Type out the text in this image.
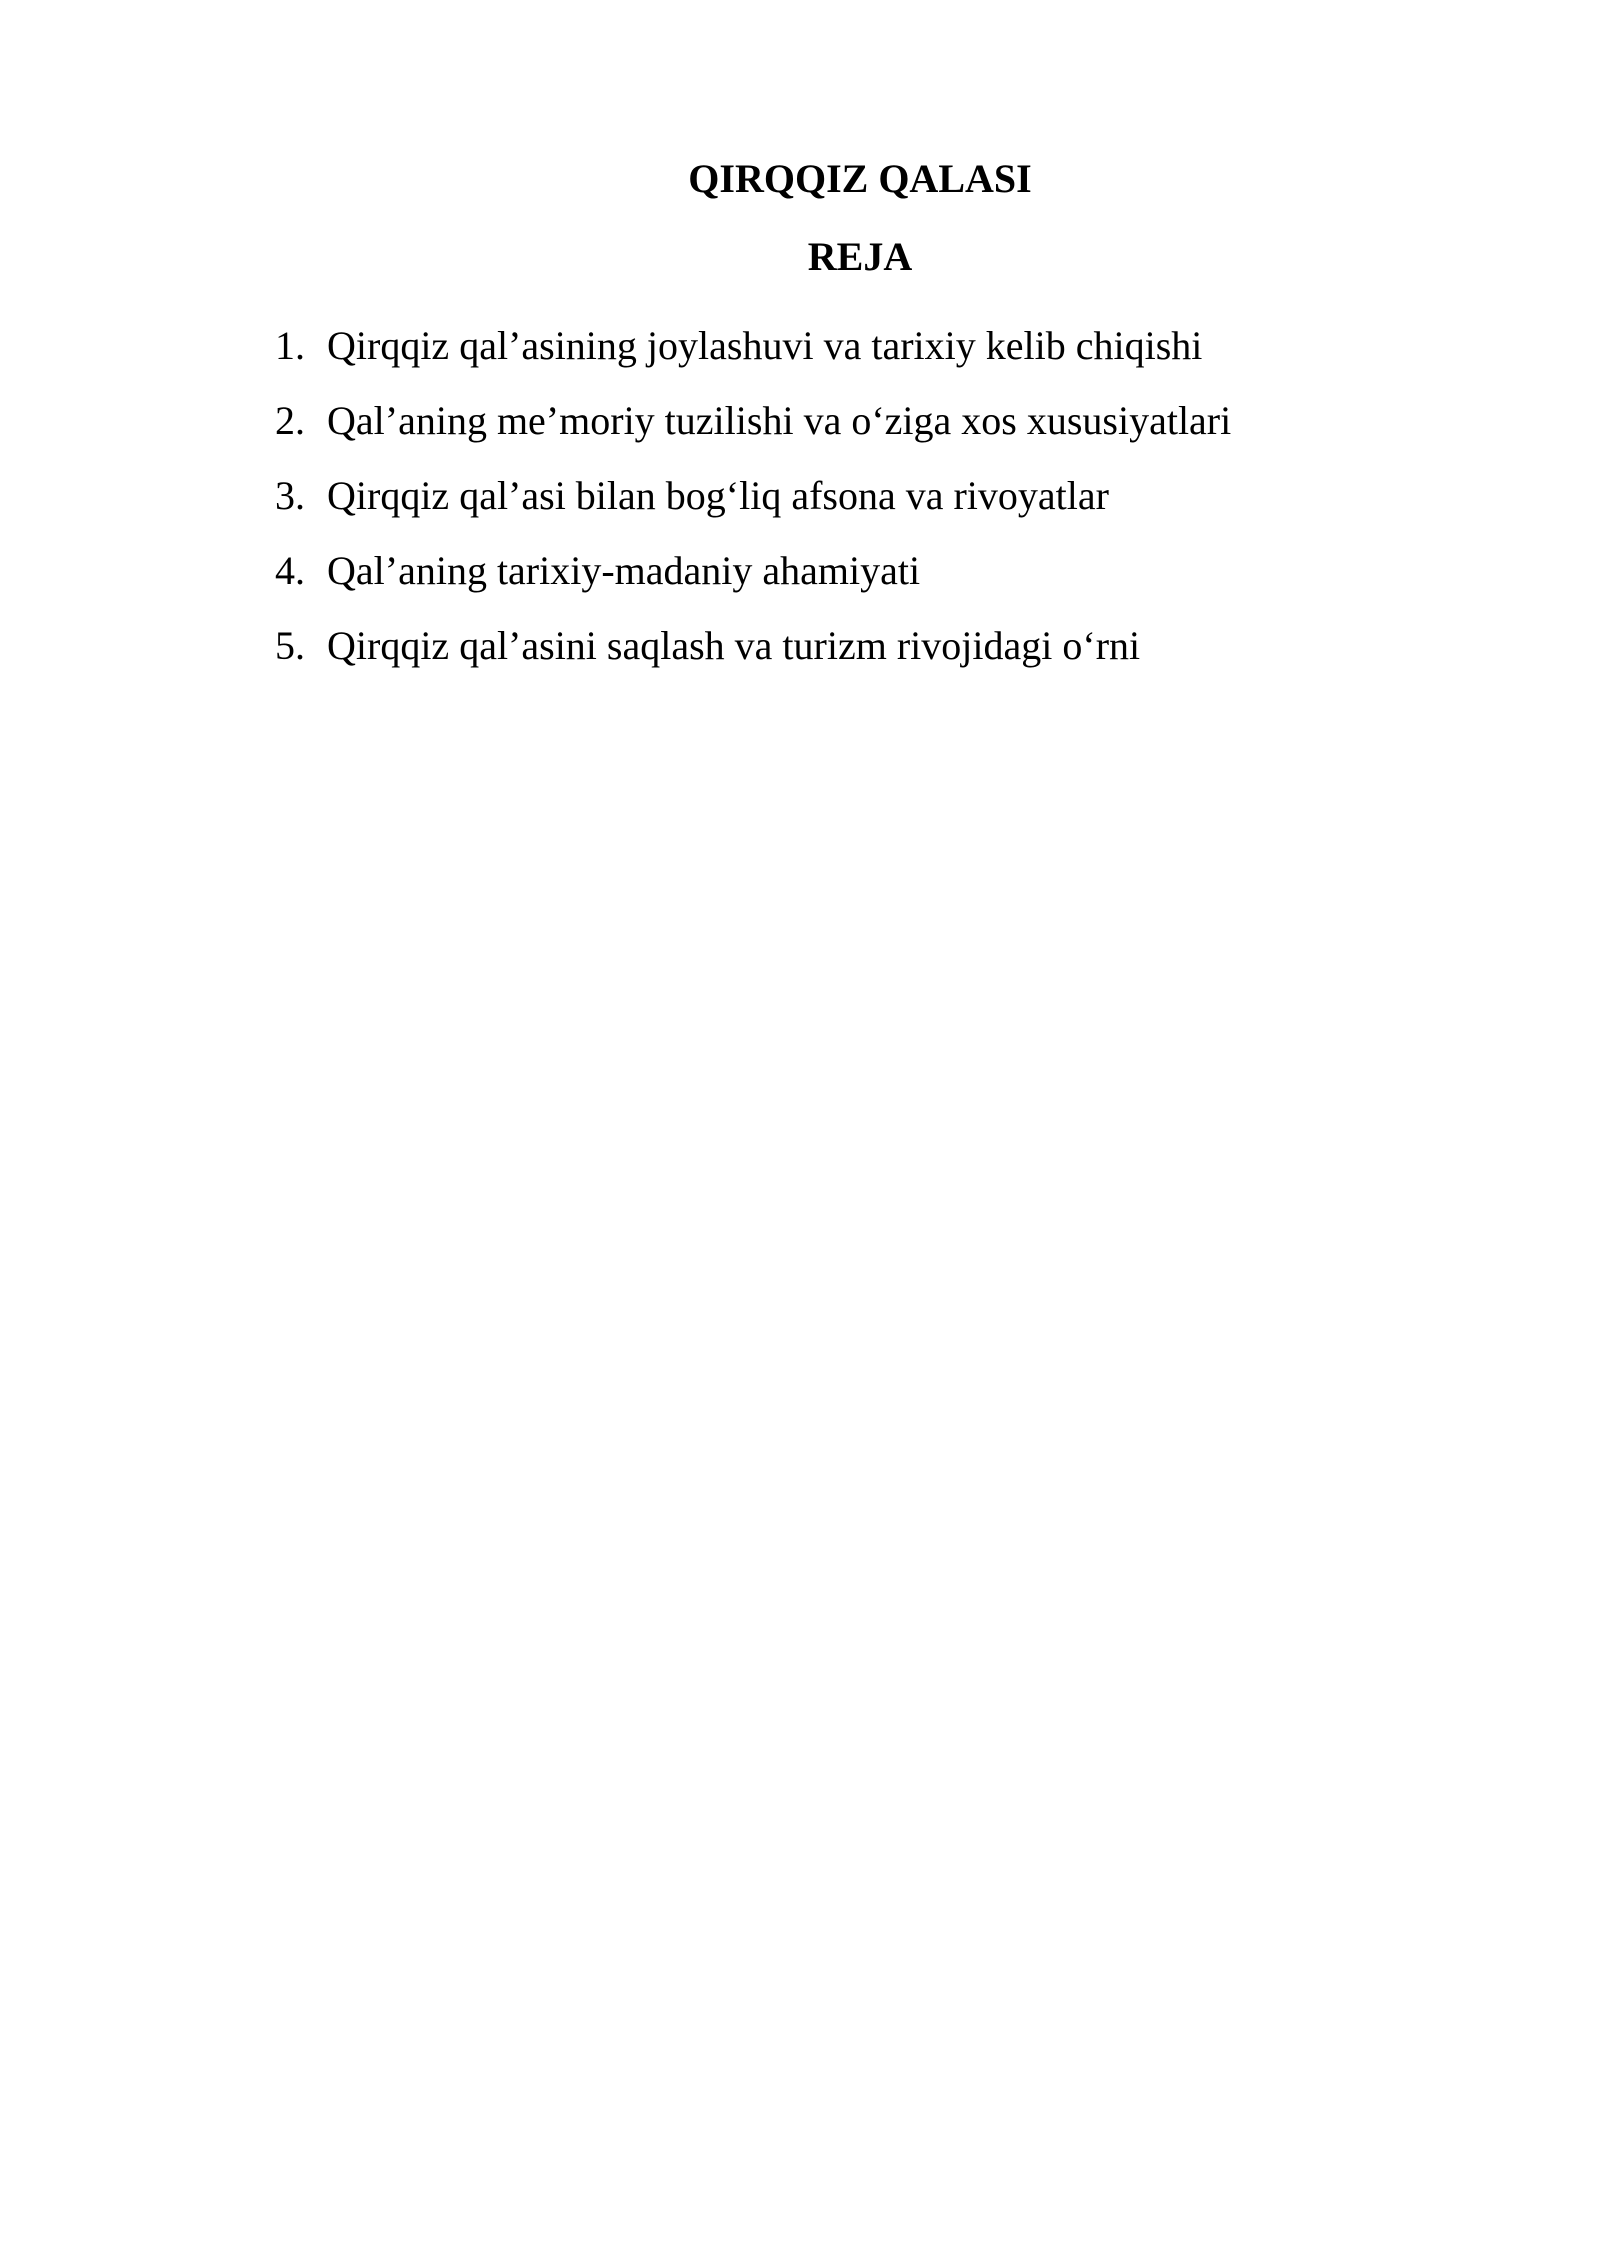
QIRQQIZ QALASI
REJA
1. Qirqqiz qal’asining joylashuvi va tarixiy kelib chiqishi
2. Qal’aning me’moriy tuzilishi va o‘ziga xos xususiyatlari
3. Qirqqiz qal’asi bilan bog‘liq afsona va rivoyatlar
4. Qal’aning tarixiy-madaniy ahamiyati
5. Qirqqiz qal’asini saqlash va turizm rivojidagi o‘rni
